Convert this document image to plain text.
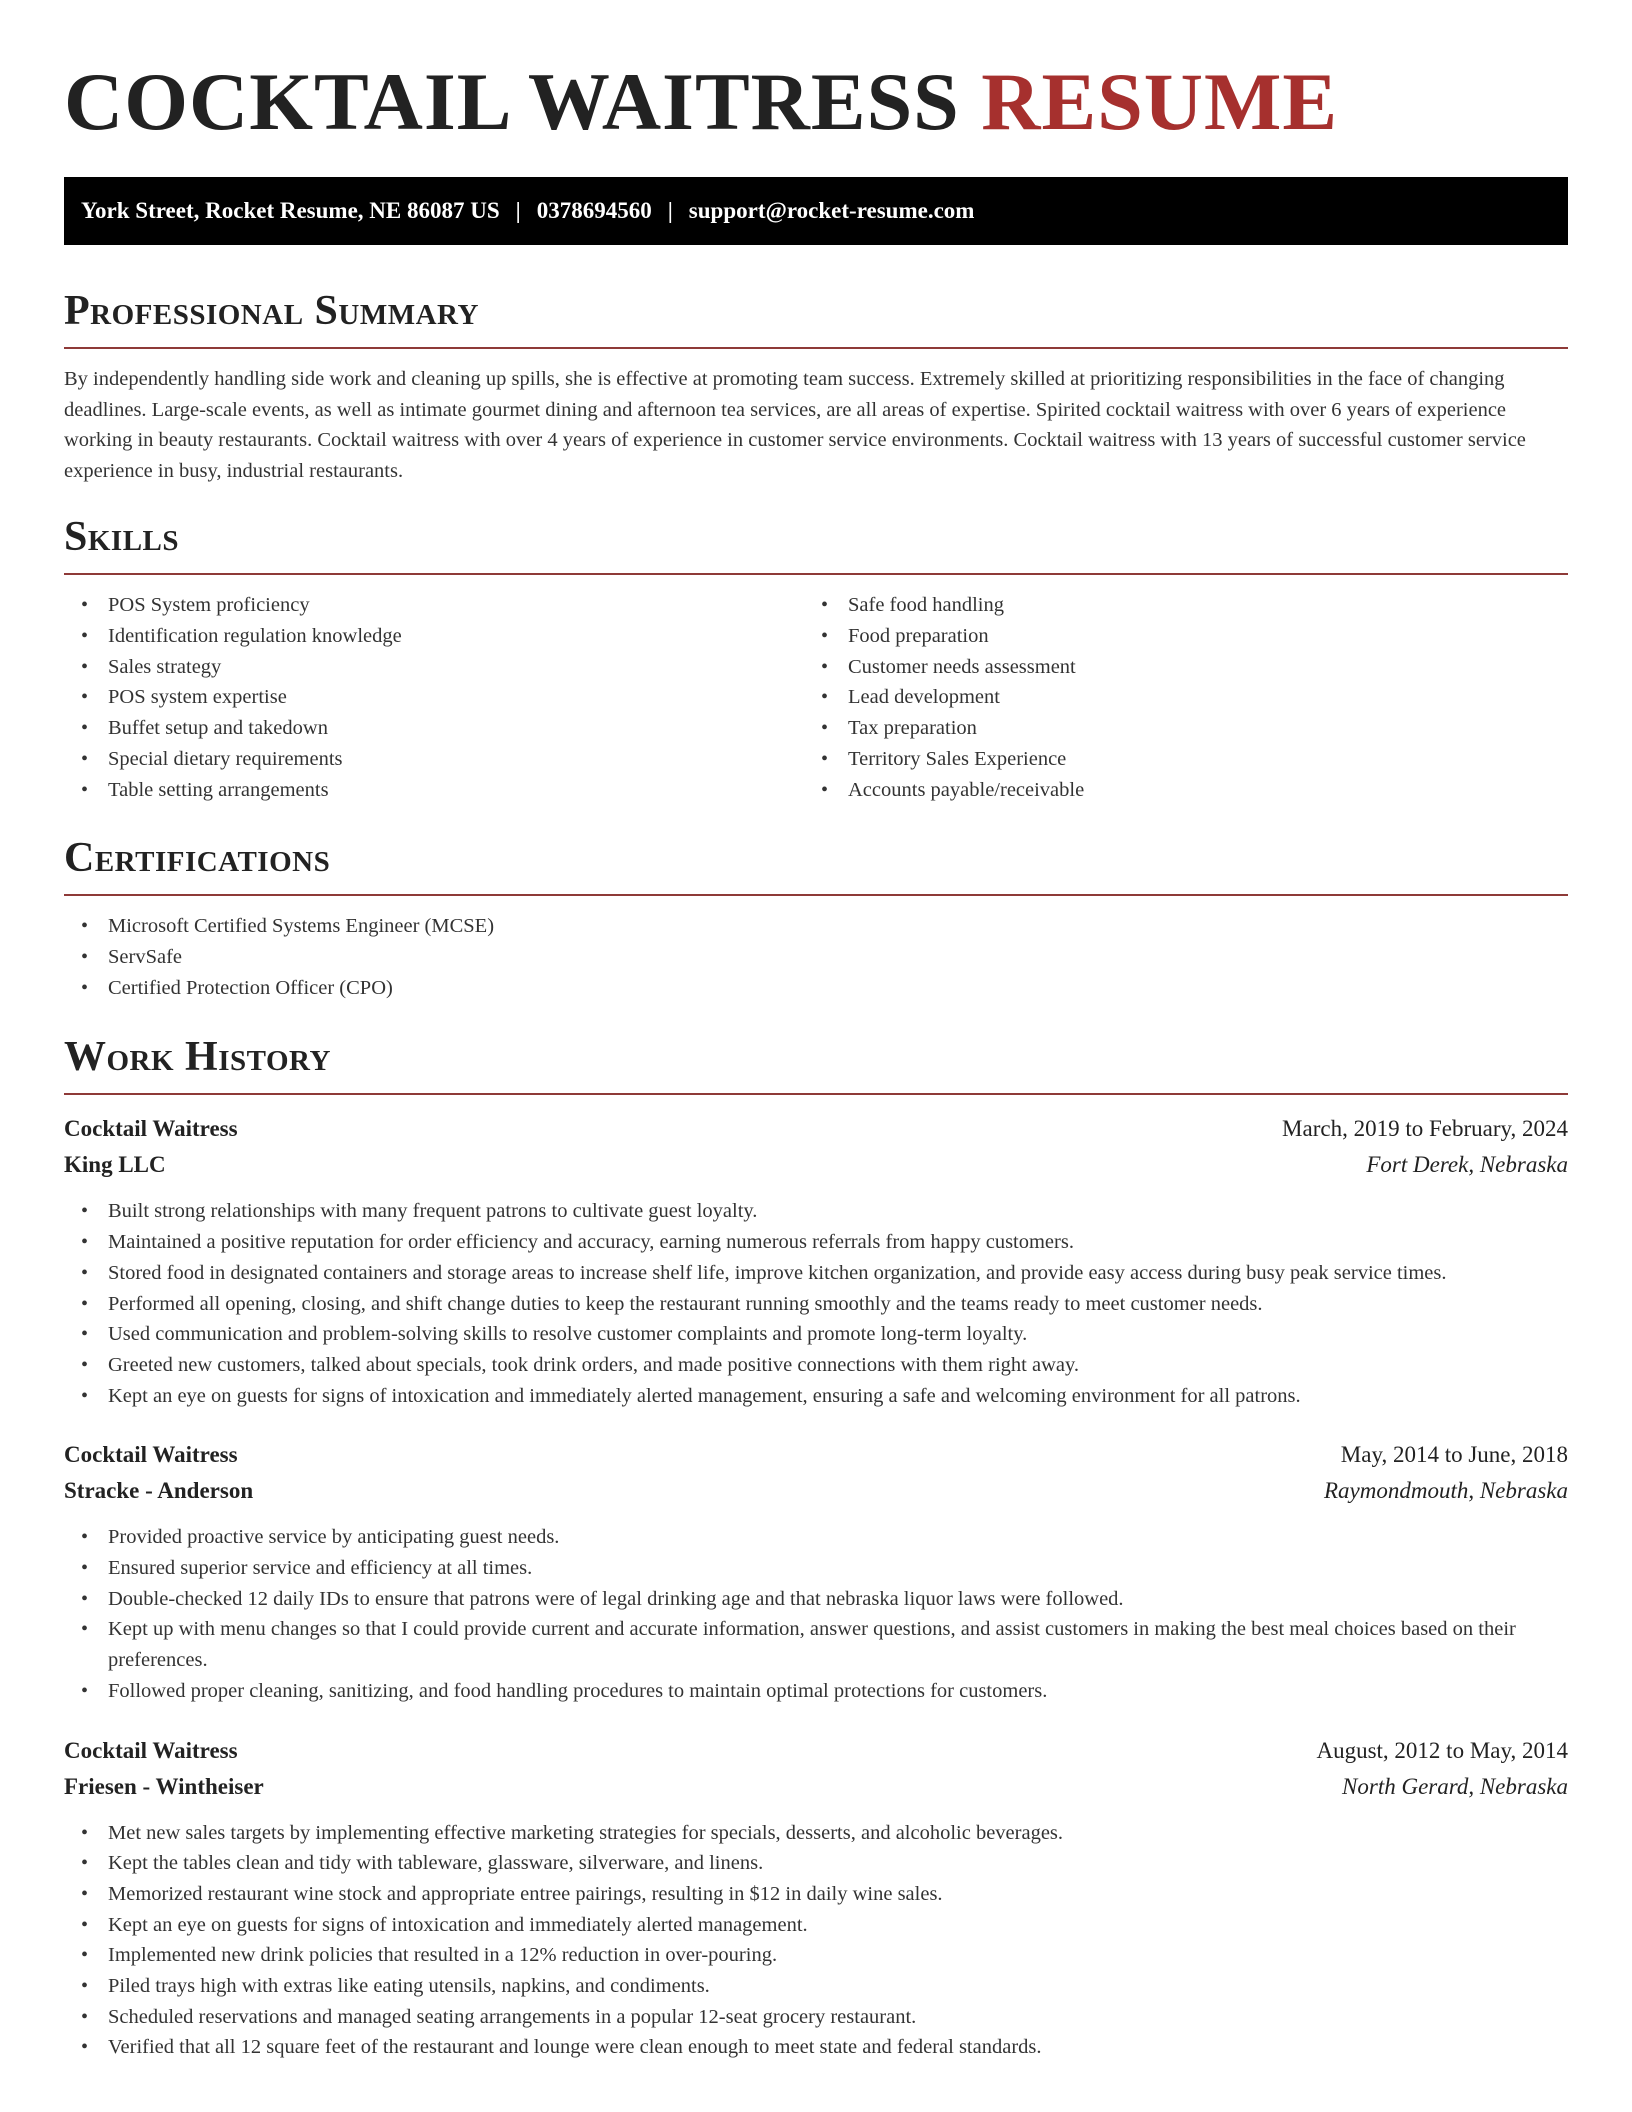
COCKTAIL WAITRESS RESUME
York Street, Rocket Resume, NE 86087 US | 0378694560 | support@rocket-resume.com
Professional Summary

By independently handling side work and cleaning up spills, she is effective at promoting team success. Extremely skilled at prioritizing responsibilities in the face of changing deadlines. Large-scale events, as well as intimate gourmet dining and afternoon tea services, are all areas of expertise. Spirited cocktail waitress with over 6 years of experience working in beauty restaurants. Cocktail waitress with over 4 years of experience in customer service environments. Cocktail waitress with 13 years of successful customer service experience in busy, industrial restaurants.

Skills
• POS System proficiency
• Identification regulation knowledge
• Sales strategy
• POS system expertise
• Buffet setup and takedown
• Special dietary requirements
• Table setting arrangements
• Safe food handling
• Food preparation
• Customer needs assessment
• Lead development
• Tax preparation
• Territory Sales Experience
• Accounts payable/receivable
Certifications
• Microsoft Certified Systems Engineer (MCSE)
• ServSafe
• Certified Protection Officer (CPO)
Work History
Cocktail Waitress	March, 2019 to February, 2024
King LLC	Fort Derek, Nebraska
• Built strong relationships with many frequent patrons to cultivate guest loyalty.
• Maintained a positive reputation for order efficiency and accuracy, earning numerous referrals from happy customers.
• Stored food in designated containers and storage areas to increase shelf life, improve kitchen organization, and provide easy access during busy peak service times.
• Performed all opening, closing, and shift change duties to keep the restaurant running smoothly and the teams ready to meet customer needs.
• Used communication and problem-solving skills to resolve customer complaints and promote long-term loyalty.
• Greeted new customers, talked about specials, took drink orders, and made positive connections with them right away.
• Kept an eye on guests for signs of intoxication and immediately alerted management, ensuring a safe and welcoming environment for all patrons.
Cocktail Waitress	May, 2014 to June, 2018
Stracke - Anderson	Raymondmouth, Nebraska
• Provided proactive service by anticipating guest needs.
• Ensured superior service and efficiency at all times.
• Double-checked 12 daily IDs to ensure that patrons were of legal drinking age and that nebraska liquor laws were followed.
• Kept up with menu changes so that I could provide current and accurate information, answer questions, and assist customers in making the best meal choices based on their preferences.
• Followed proper cleaning, sanitizing, and food handling procedures to maintain optimal protections for customers.
Cocktail Waitress	August, 2012 to May, 2014
Friesen - Wintheiser	North Gerard, Nebraska
• Met new sales targets by implementing effective marketing strategies for specials, desserts, and alcoholic beverages.
• Kept the tables clean and tidy with tableware, glassware, silverware, and linens.
• Memorized restaurant wine stock and appropriate entree pairings, resulting in $12 in daily wine sales.
• Kept an eye on guests for signs of intoxication and immediately alerted management.
• Implemented new drink policies that resulted in a 12% reduction in over-pouring.
• Piled trays high with extras like eating utensils, napkins, and condiments.
• Scheduled reservations and managed seating arrangements in a popular 12-seat grocery restaurant.
• Verified that all 12 square feet of the restaurant and lounge were clean enough to meet state and federal standards.
